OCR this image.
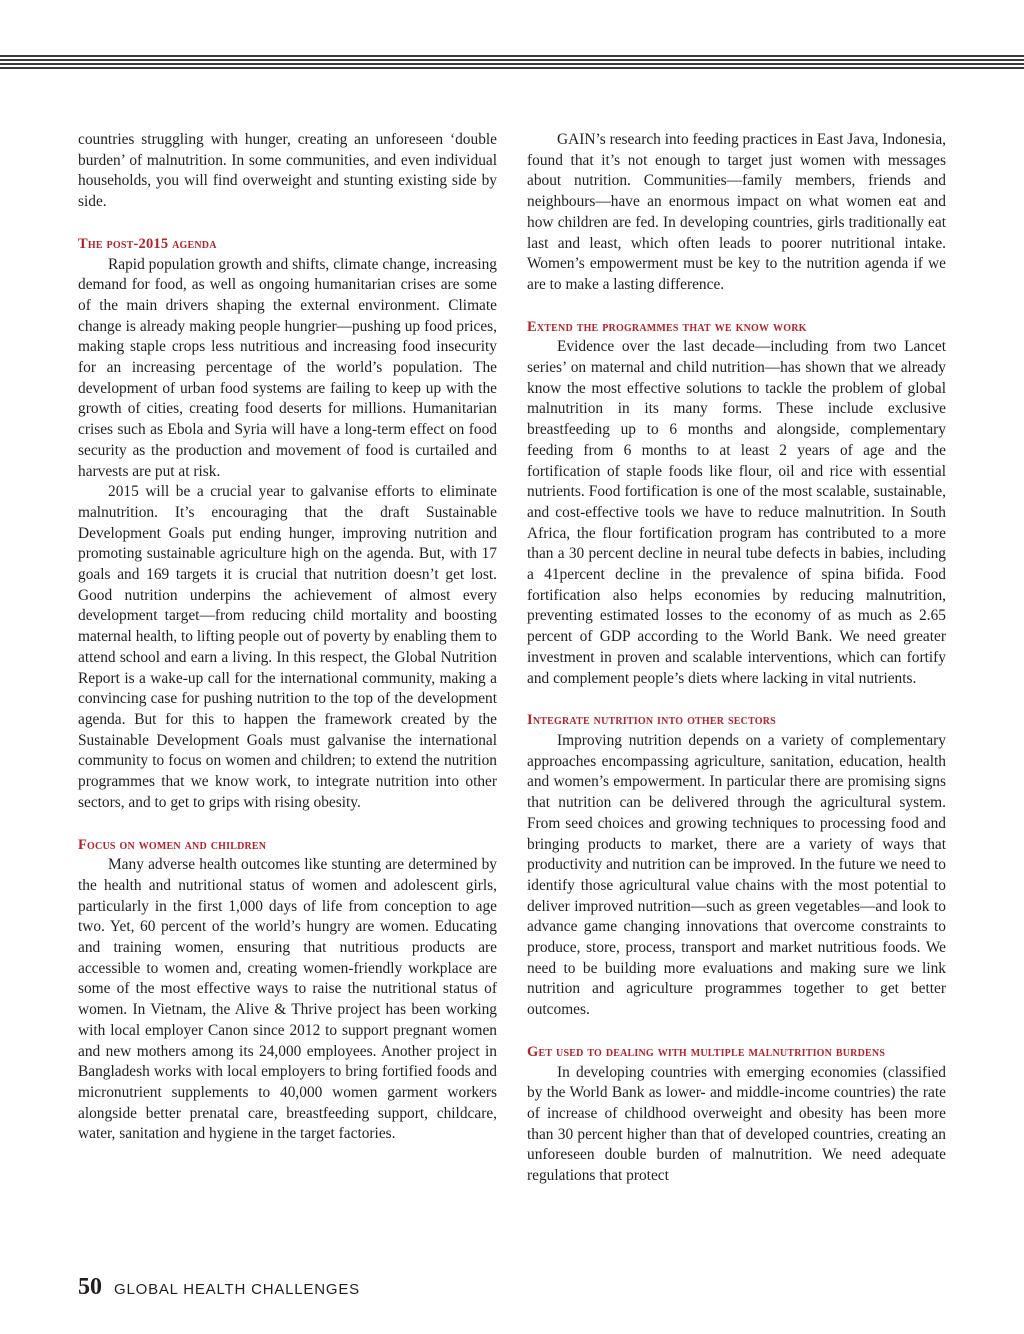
countries struggling with hunger, creating an unforeseen ‘double burden’ of malnutrition. In some communities, and even individual households, you will find overweight and stunting existing side by side.

The post-2015 agenda

Rapid population growth and shifts, climate change, increasing demand for food, as well as ongoing humanitarian crises are some of the main drivers shaping the external environment. Climate change is already making people hungrier—pushing up food prices, making staple crops less nutritious and increasing food insecurity for an increasing percentage of the world’s population. The development of urban food systems are failing to keep up with the growth of cities, creating food deserts for millions. Humanitarian crises such as Ebola and Syria will have a long-term effect on food security as the production and movement of food is curtailed and harvests are put at risk.

2015 will be a crucial year to galvanise efforts to eliminate malnutrition. It’s encouraging that the draft Sustainable Development Goals put ending hunger, improving nutrition and promoting sustainable agriculture high on the agenda. But, with 17 goals and 169 targets it is crucial that nutrition doesn’t get lost. Good nutrition underpins the achievement of almost every development target—from reducing child mortality and boosting maternal health, to lifting people out of poverty by enabling them to attend school and earn a living. In this respect, the Global Nutrition Report is a wake-up call for the international community, making a convincing case for pushing nutrition to the top of the development agenda. But for this to happen the framework created by the Sustainable Development Goals must galvanise the international community to focus on women and children; to extend the nutrition programmes that we know work, to integrate nutrition into other sectors, and to get to grips with rising obesity.

Focus on women and children

Many adverse health outcomes like stunting are determined by the health and nutritional status of women and adolescent girls, particularly in the first 1,000 days of life from conception to age two. Yet, 60 percent of the world’s hungry are women. Educating and training women, ensuring that nutritious products are accessible to women and, creating women-friendly workplace are some of the most effective ways to raise the nutritional status of women. In Vietnam, the Alive & Thrive project has been working with local employer Canon since 2012 to support pregnant women and new mothers among its 24,000 employees. Another project in Bangladesh works with local employers to bring fortified foods and micronutrient supplements to 40,000 women garment workers alongside better prenatal care, breastfeeding support, childcare, water, sanitation and hygiene in the target factories.

GAIN’s research into feeding practices in East Java, Indonesia, found that it’s not enough to target just women with messages about nutrition. Communities—family members, friends and neighbours—have an enormous impact on what women eat and how children are fed. In developing countries, girls traditionally eat last and least, which often leads to poorer nutritional intake. Women’s empowerment must be key to the nutrition agenda if we are to make a lasting difference.

Extend the programmes that we know work

Evidence over the last decade—including from two Lancet series’ on maternal and child nutrition—has shown that we already know the most effective solutions to tackle the problem of global malnutrition in its many forms. These include exclusive breastfeeding up to 6 months and alongside, complementary feeding from 6 months to at least 2 years of age and the fortification of staple foods like flour, oil and rice with essential nutrients. Food fortification is one of the most scalable, sustainable, and cost-effective tools we have to reduce malnutrition. In South Africa, the flour fortification program has contributed to a more than a 30 percent decline in neural tube defects in babies, including a 41percent decline in the prevalence of spina bifida. Food fortification also helps economies by reducing malnutrition, preventing estimated losses to the economy of as much as 2.65 percent of GDP according to the World Bank. We need greater investment in proven and scalable interventions, which can fortify and complement people’s diets where lacking in vital nutrients.

Integrate nutrition into other sectors

Improving nutrition depends on a variety of complementary approaches encompassing agriculture, sanitation, education, health and women’s empowerment. In particular there are promising signs that nutrition can be delivered through the agricultural system. From seed choices and growing techniques to processing food and bringing products to market, there are a variety of ways that productivity and nutrition can be improved. In the future we need to identify those agricultural value chains with the most potential to deliver improved nutrition—such as green vegetables—and look to advance game changing innovations that overcome constraints to produce, store, process, transport and market nutritious foods. We need to be building more evaluations and making sure we link nutrition and agriculture programmes together to get better outcomes.

Get used to dealing with multiple malnutrition burdens

In developing countries with emerging economies (classified by the World Bank as lower- and middle-income countries) the rate of increase of childhood overweight and obesity has been more than 30 percent higher than that of developed countries, creating an unforeseen double burden of malnutrition. We need adequate regulations that protect

50 GLOBAL HEALTH CHALLENGES
